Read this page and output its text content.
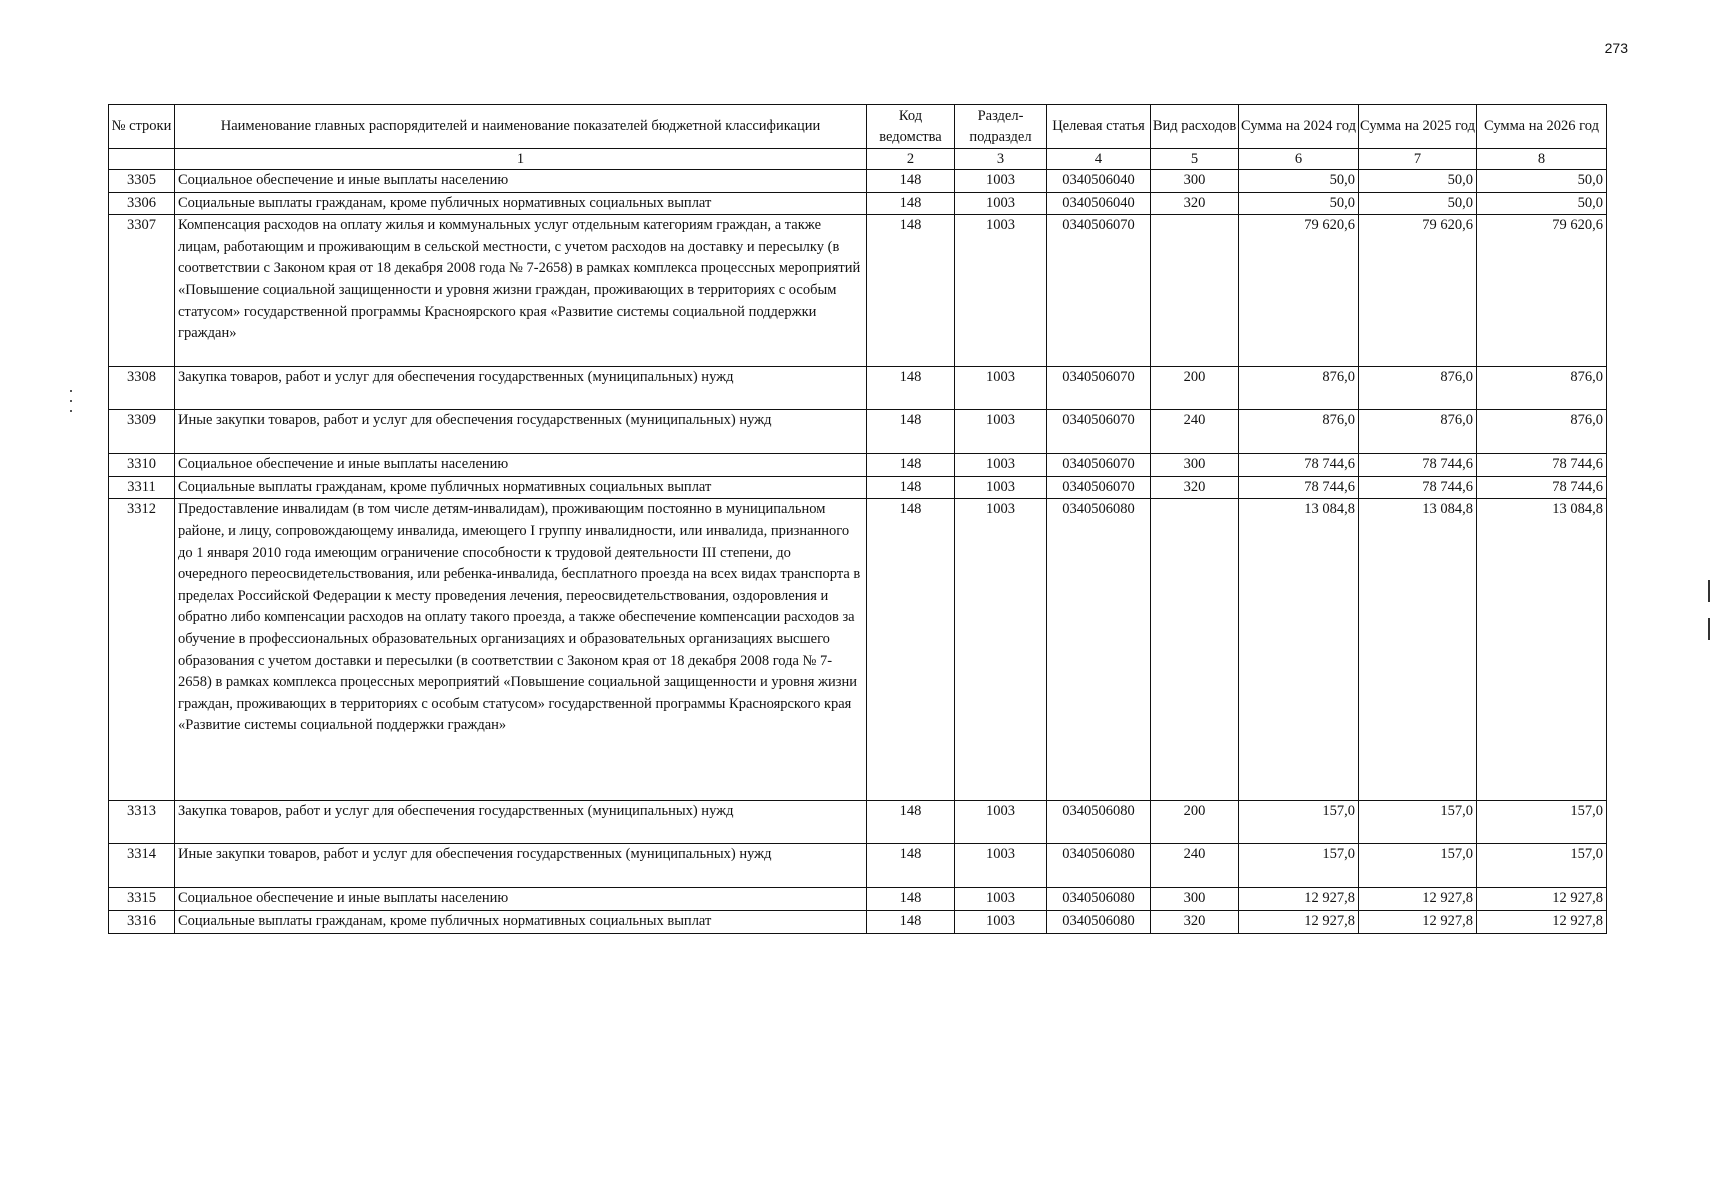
273
№ строки	Наименование главных распорядителей и наименование показателей бюджетной классификации	Код ведомства	Раздел-подраздел	Целевая статья	Вид расходов	Сумма на 2024 год	Сумма на 2025 год	Сумма на 2026 год
	1	2	3	4	5	6	7	8
3305	Социальное обеспечение и иные выплаты населению	148	1003	0340506040	300	50,0	50,0	50,0
3306	Социальные выплаты гражданам, кроме публичных нормативных социальных выплат	148	1003	0340506040	320	50,0	50,0	50,0
3307	Компенсация расходов на оплату жилья и коммунальных услуг отдельным категориям граждан, а также лицам, работающим и проживающим в сельской местности, с учетом расходов на доставку и пересылку (в соответствии с Законом края от 18 декабря 2008 года № 7-2658) в рамках комплекса процессных мероприятий «Повышение социальной защищенности и уровня жизни граждан, проживающих в территориях с особым статусом» государственной программы Красноярского края «Развитие системы социальной поддержки граждан»	148	1003	0340506070		79 620,6	79 620,6	79 620,6
3308	Закупка товаров, работ и услуг для обеспечения государственных (муниципальных) нужд	148	1003	0340506070	200	876,0	876,0	876,0
3309	Иные закупки товаров, работ и услуг для обеспечения государственных (муниципальных) нужд	148	1003	0340506070	240	876,0	876,0	876,0
3310	Социальное обеспечение и иные выплаты населению	148	1003	0340506070	300	78 744,6	78 744,6	78 744,6
3311	Социальные выплаты гражданам, кроме публичных нормативных социальных выплат	148	1003	0340506070	320	78 744,6	78 744,6	78 744,6
3312	Предоставление инвалидам (в том числе детям-инвалидам), проживающим постоянно в муниципальном районе, и лицу, сопровождающему инвалида, имеющего I группу инвалидности, или инвалида, признанного до 1 января 2010 года имеющим ограничение способности к трудовой деятельности III степени, до очередного переосвидетельствования, или ребенка-инвалида, бесплатного проезда на всех видах транспорта в пределах Российской Федерации к месту проведения лечения, переосвидетельствования, оздоровления и обратно либо компенсации расходов на оплату такого проезда, а также обеспечение компенсации расходов за обучение в профессиональных образовательных организациях и образовательных организациях высшего образования с учетом доставки и пересылки (в соответствии с Законом края от 18 декабря 2008 года № 7-2658) в рамках комплекса процессных мероприятий «Повышение социальной защищенности и уровня жизни граждан, проживающих в территориях с особым статусом» государственной программы Красноярского края «Развитие системы социальной поддержки граждан»	148	1003	0340506080		13 084,8	13 084,8	13 084,8
3313	Закупка товаров, работ и услуг для обеспечения государственных (муниципальных) нужд	148	1003	0340506080	200	157,0	157,0	157,0
3314	Иные закупки товаров, работ и услуг для обеспечения государственных (муниципальных) нужд	148	1003	0340506080	240	157,0	157,0	157,0
3315	Социальное обеспечение и иные выплаты населению	148	1003	0340506080	300	12 927,8	12 927,8	12 927,8
3316	Социальные выплаты гражданам, кроме публичных нормативных социальных выплат	148	1003	0340506080	320	12 927,8	12 927,8	12 927,8
